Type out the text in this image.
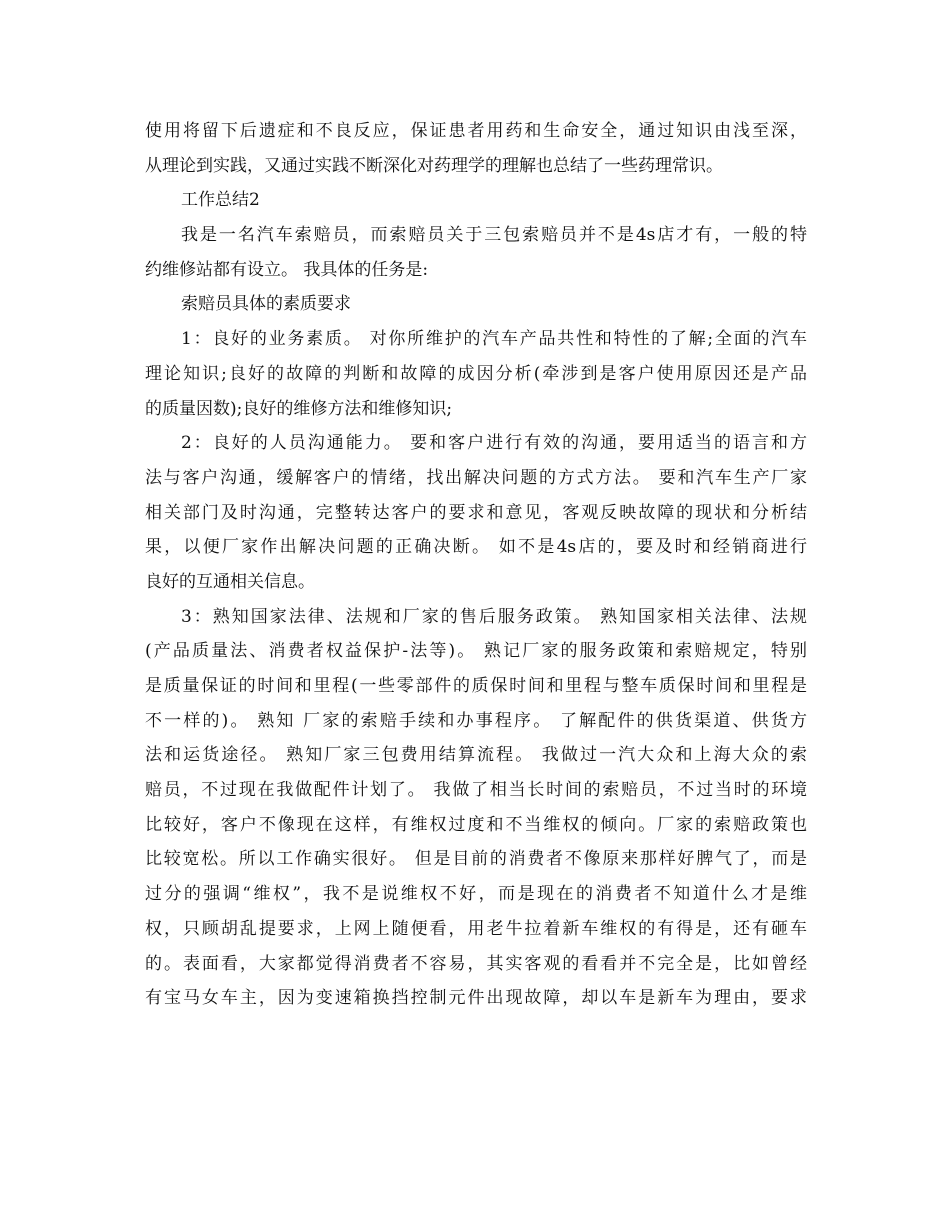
使用将留下后遗症和不良反应，保证患者用药和生命安全，通过知识由浅至深，
从理论到实践，又通过实践不断深化对药理学的理解也总结了一些药理常识。
工作总结2
我是一名汽车索赔员，而索赔员关于三包索赔员并不是4s店才有，一般的特
约维修站都有设立。 我具体的任务是:
索赔员具体的素质要求
1：良好的业务素质。 对你所维护的汽车产品共性和特性的了解;全面的汽车
理论知识;良好的故障的判断和故障的成因分析(牵涉到是客户使用原因还是产品
的质量因数);良好的维修方法和维修知识;
2：良好的人员沟通能力。 要和客户进行有效的沟通，要用适当的语言和方
法与客户沟通，缓解客户的情绪，找出解决问题的方式方法。 要和汽车生产厂家
相关部门及时沟通，完整转达客户的要求和意见，客观反映故障的现状和分析结
果，以便厂家作出解决问题的正确决断。 如不是4s店的，要及时和经销商进行
良好的互通相关信息。
3：熟知国家法律、法规和厂家的售后服务政策。 熟知国家相关法律、法规
(产品质量法、消费者权益保护-法等)。 熟记厂家的服务政策和索赔规定，特别
是质量保证的时间和里程(一些零部件的质保时间和里程与整车质保时间和里程是
不一样的)。 熟知 厂家的索赔手续和办事程序。 了解配件的供货渠道、供货方
法和运货途径。 熟知厂家三包费用结算流程。 我做过一汽大众和上海大众的索
赔员，不过现在我做配件计划了。 我做了相当长时间的索赔员，不过当时的环境
比较好，客户不像现在这样，有维权过度和不当维权的倾向。厂家的索赔政策也
比较宽松。所以工作确实很好。 但是目前的消费者不像原来那样好脾气了，而是
过分的强调“维权”，我不是说维权不好，而是现在的消费者不知道什么才是维
权，只顾胡乱提要求，上网上随便看，用老牛拉着新车维权的有得是，还有砸车
的。表面看，大家都觉得消费者不容易，其实客观的看看并不完全是，比如曾经
有宝马女车主，因为变速箱换挡控制元件出现故障，却以车是新车为理由，要求
